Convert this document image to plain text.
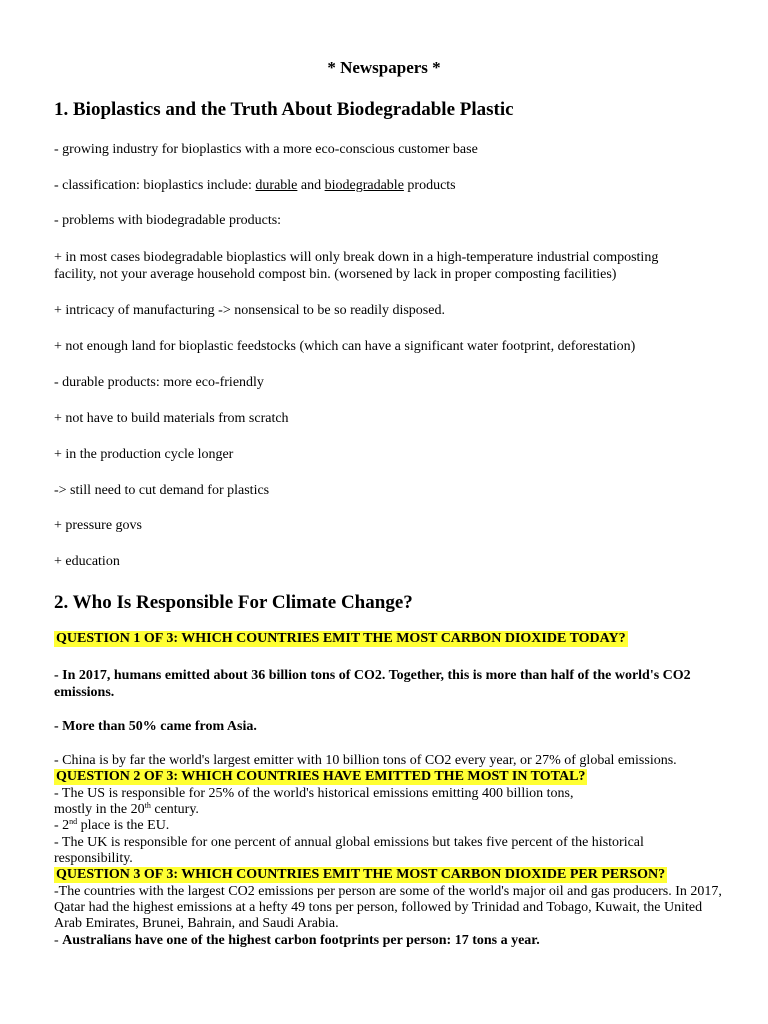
* Newspapers *
1. Bioplastics and the Truth About Biodegradable Plastic
- growing industry for bioplastics with a more eco-conscious customer base
- classification: bioplastics include: durable and biodegradable products
- problems with biodegradable products:
+ in most cases biodegradable bioplastics will only break down in a high-temperature industrial composting
facility, not your average household compost bin. (worsened by lack in proper composting facilities)
+ intricacy of manufacturing -> nonsensical to be so readily disposed.
+ not enough land for bioplastic feedstocks (which can have a significant water footprint, deforestation)
- durable products: more eco-friendly
+ not have to build materials from scratch
+ in the production cycle longer
-> still need to cut demand for plastics
+ pressure govs
+ education
2. Who Is Responsible For Climate Change?
QUESTION 1 OF 3: WHICH COUNTRIES EMIT THE MOST CARBON DIOXIDE TODAY?
- In 2017, humans emitted about 36 billion tons of CO2. Together, this is more than half of the world's CO2
emissions.
- More than 50% came from Asia.
- China is by far the world's largest emitter with 10 billion tons of CO2 every year, or 27% of global emissions.
QUESTION 2 OF 3: WHICH COUNTRIES HAVE EMITTED THE MOST IN TOTAL?
- The US is responsible for 25% of the world's historical emissions emitting 400 billion tons,
mostly in the 20th century.
- 2nd place is the EU.
- The UK is responsible for one percent of annual global emissions but takes five percent of the historical
responsibility.
QUESTION 3 OF 3: WHICH COUNTRIES EMIT THE MOST CARBON DIOXIDE PER PERSON?
-The countries with the largest CO2 emissions per person are some of the world's major oil and gas producers. In 2017,
Qatar had the highest emissions at a hefty 49 tons per person, followed by Trinidad and Tobago, Kuwait, the United
Arab Emirates, Brunei, Bahrain, and Saudi Arabia.
- Australians have one of the highest carbon footprints per person: 17 tons a year.
